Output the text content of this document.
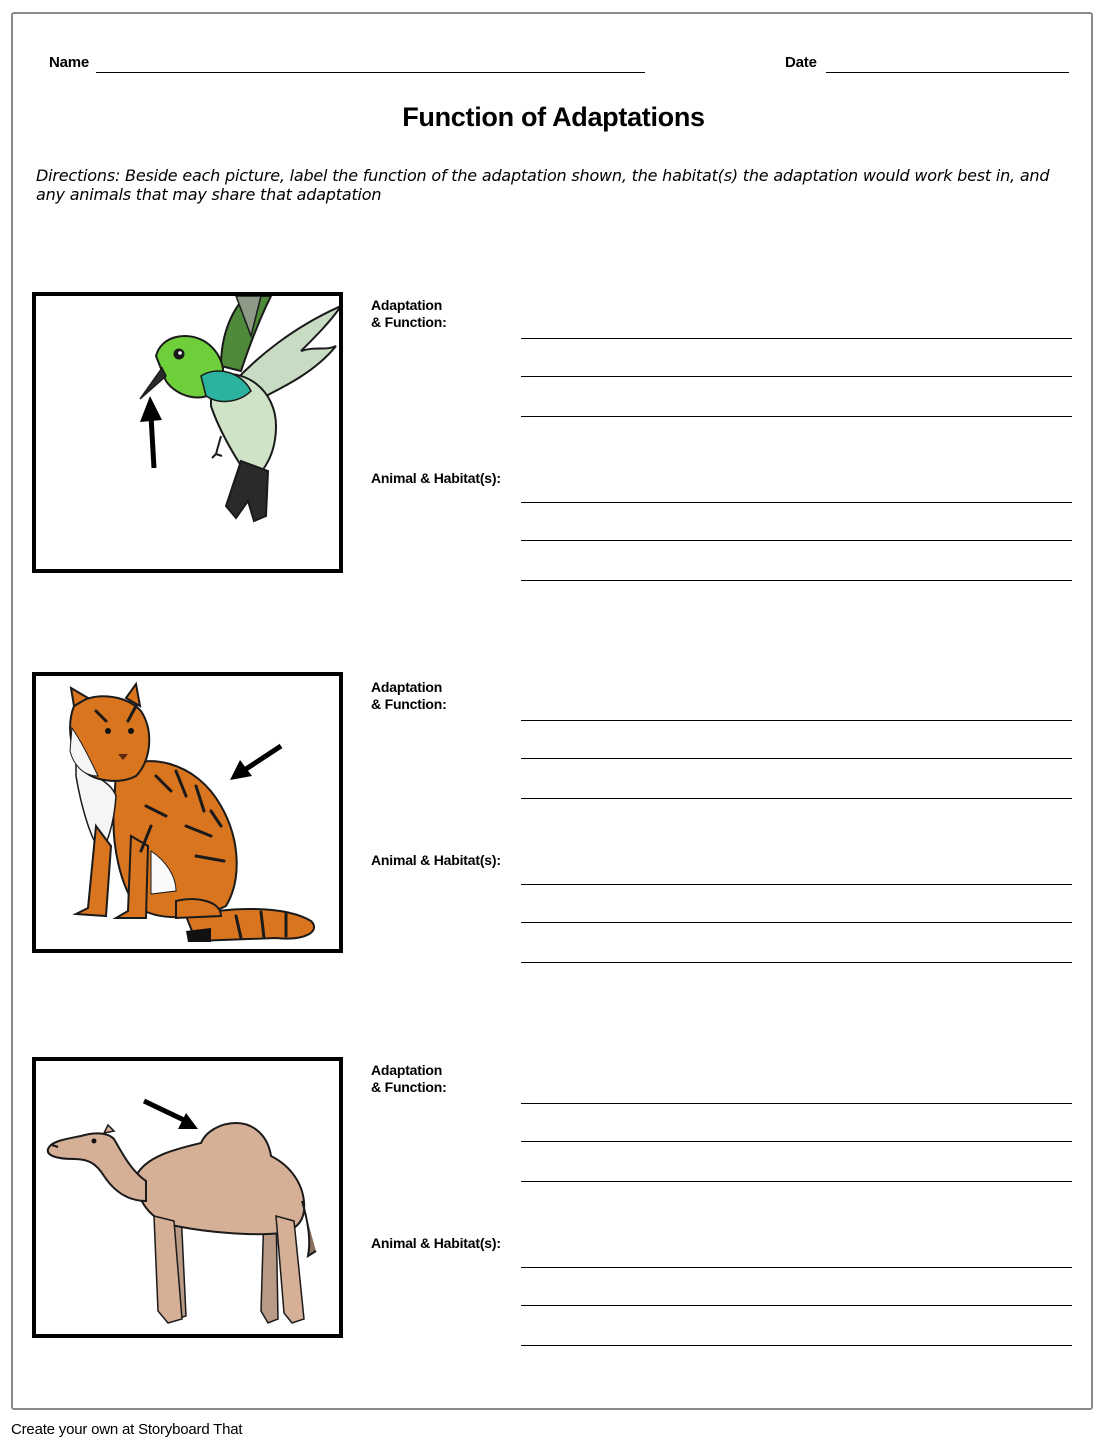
Name	Date
Function of Adaptations
Directions: Beside each picture, label the function of the adaptation shown, the habitat(s) the adaptation would work best in, and any animals that may share that adaptation
Adaptation
& Function:
Animal & Habitat(s):
Adaptation
& Function:
Animal & Habitat(s):
Adaptation
& Function:
Animal & Habitat(s):
Create your own at Storyboard That
